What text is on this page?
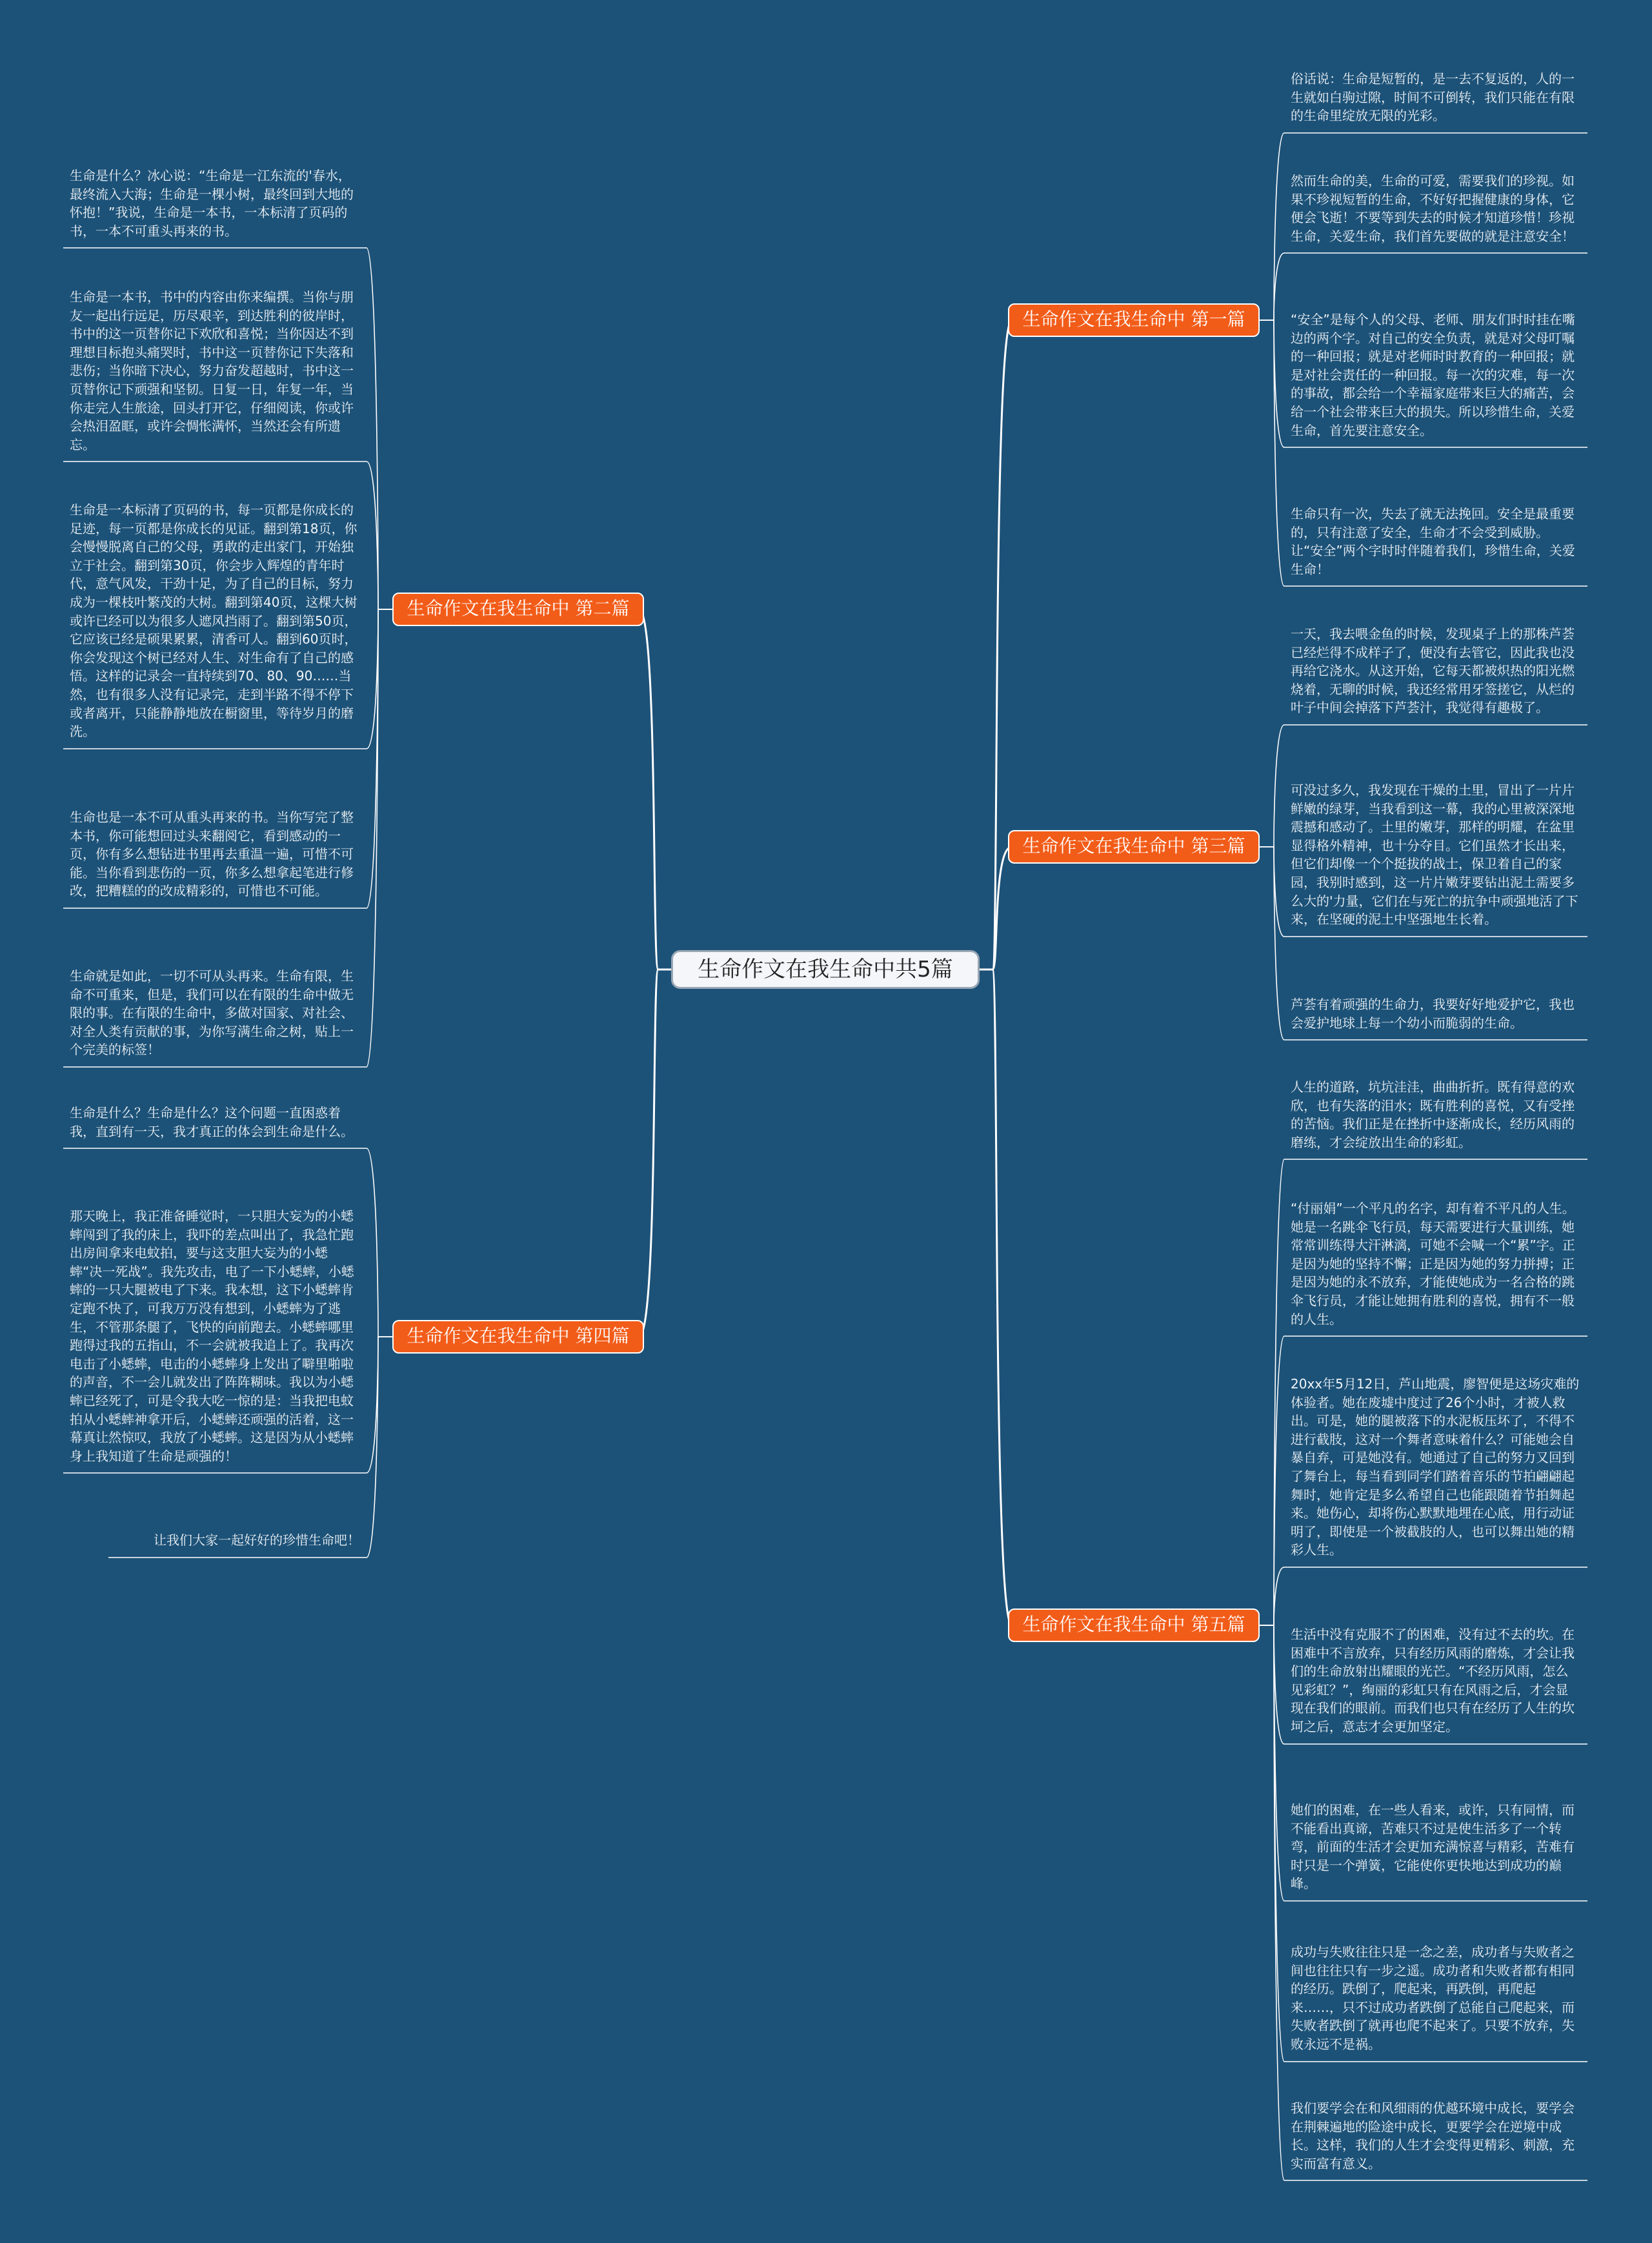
生命作文在我生命中共5篇
生命作文在我生命中 第一篇
俗话说：生命是短暂的，是一去不复返的，人的一生就如白驹过隙，时间不可倒转，我们只能在有限的生命里绽放无限的光彩。
然而生命的美，生命的可爱，需要我们的珍视。如果不珍视短暂的生命，不好好把握健康的身体，它便会飞逝！不要等到失去的时候才知道珍惜！珍视生命，关爱生命，我们首先要做的就是注意安全！
“安全”是每个人的父母、老师、朋友们时时挂在嘴边的两个字。对自己的安全负责，就是对父母叮嘱的一种回报；就是对老师时时教育的一种回报；就是对社会责任的一种回报。每一次的灾难，每一次的事故，都会给一个幸福家庭带来巨大的痛苦，会给一个社会带来巨大的损失。所以珍惜生命，关爱生命，首先要注意安全。
生命只有一次，失去了就无法挽回。安全是最重要的，只有注意了安全，生命才不会受到威胁。让“安全”两个字时时伴随着我们，珍惜生命，关爱生命！
生命作文在我生命中 第二篇
生命是什么？冰心说：“生命是一江东流的'春水，最终流入大海；生命是一棵小树，最终回到大地的怀抱！”我说，生命是一本书，一本标清了页码的书，一本不可重头再来的书。
生命是一本书，书中的内容由你来编撰。当你与朋友一起出行远足，历尽艰辛，到达胜利的彼岸时，书中的这一页替你记下欢欣和喜悦；当你因达不到理想目标抱头痛哭时，书中这一页替你记下失落和悲伤；当你暗下决心，努力奋发超越时，书中这一页替你记下顽强和坚韧。日复一日，年复一年，当你走完人生旅途，回头打开它，仔细阅读，你或许会热泪盈眶，或许会惆怅满怀，当然还会有所遗忘。
生命是一本标清了页码的书，每一页都是你成长的足迹，每一页都是你成长的见证。翻到第18页，你会慢慢脱离自己的父母，勇敢的走出家门，开始独立于社会。翻到第30页，你会步入辉煌的青年时代，意气风发，干劲十足，为了自己的目标，努力成为一棵枝叶繁茂的大树。翻到第40页，这棵大树或许已经可以为很多人遮风挡雨了。翻到第50页，它应该已经是硕果累累，清香可人。翻到60页时，你会发现这个树已经对人生、对生命有了自己的感悟。这样的记录会一直持续到70、80、90……当然，也有很多人没有记录完，走到半路不得不停下或者离开，只能静静地放在橱窗里，等待岁月的磨洗。
生命也是一本不可从重头再来的书。当你写完了整本书，你可能想回过头来翻阅它，看到感动的一页，你有多么想钻进书里再去重温一遍，可惜不可能。当你看到悲伤的一页，你多么想拿起笔进行修改，把糟糕的的改成精彩的，可惜也不可能。
生命就是如此，一切不可从头再来。生命有限，生命不可重来，但是，我们可以在有限的生命中做无限的事。在有限的生命中，多做对国家、对社会、对全人类有贡献的事，为你写满生命之树，贴上一个完美的标签！
生命作文在我生命中 第三篇
一天，我去喂金鱼的时候，发现桌子上的那株芦荟已经烂得不成样子了，便没有去管它，因此我也没再给它浇水。从这开始，它每天都被炽热的阳光燃烧着，无聊的时候，我还经常用牙签搓它，从烂的叶子中间会掉落下芦荟汁，我觉得有趣极了。
可没过多久，我发现在干燥的土里，冒出了一片片鲜嫩的绿芽，当我看到这一幕，我的心里被深深地震撼和感动了。土里的嫩芽，那样的明耀，在盆里显得格外精神，也十分夺目。它们虽然才长出来，但它们却像一个个挺拔的战士，保卫着自己的家园，我别时感到，这一片片嫩芽要钻出泥土需要多么大的'力量，它们在与死亡的抗争中顽强地活了下来，在坚硬的泥土中坚强地生长着。
芦荟有着顽强的生命力，我要好好地爱护它，我也会爱护地球上每一个幼小而脆弱的生命。
生命作文在我生命中 第四篇
生命是什么？生命是什么？这个问题一直困惑着我，直到有一天，我才真正的体会到生命是什么。
那天晚上，我正准备睡觉时，一只胆大妄为的小蟋蟀闯到了我的床上，我吓的差点叫出了，我急忙跑出房间拿来电蚊拍，要与这支胆大妄为的小蟋蟀“决一死战”。我先攻击，电了一下小蟋蟀，小蟋蟀的一只大腿被电了下来。我本想，这下小蟋蟀肯定跑不快了，可我万万没有想到，小蟋蟀为了逃生，不管那条腿了，飞快的向前跑去。小蟋蟀哪里跑得过我的五指山，不一会就被我追上了。我再次电击了小蟋蟀，电击的小蟋蟀身上发出了噼里啪啦的声音，不一会儿就发出了阵阵糊味。我以为小蟋蟀已经死了，可是令我大吃一惊的是：当我把电蚊拍从小蟋蟀神拿开后，小蟋蟀还顽强的活着，这一幕真让然惊叹，我放了小蟋蟀。这是因为从小蟋蟀身上我知道了生命是顽强的！
让我们大家一起好好的珍惜生命吧！
生命作文在我生命中 第五篇
人生的道路，坑坑洼洼，曲曲折折。既有得意的欢欣，也有失落的泪水；既有胜利的喜悦，又有受挫的苦恼。我们正是在挫折中逐渐成长，经历风雨的磨练，才会绽放出生命的彩虹。
“付丽娟”一个平凡的名字，却有着不平凡的人生。她是一名跳伞飞行员，每天需要进行大量训练，她常常训练得大汗淋漓，可她不会喊一个“累”字。正是因为她的坚持不懈；正是因为她的努力拼搏；正是因为她的永不放弃，才能使她成为一名合格的跳伞飞行员，才能让她拥有胜利的喜悦，拥有不一般的人生。
20xx年5月12日，芦山地震，廖智便是这场灾难的体验者。她在废墟中度过了26个小时，才被人救出。可是，她的腿被落下的水泥板压坏了，不得不进行截肢，这对一个舞者意味着什么？可能她会自暴自弃，可是她没有。她通过了自己的努力又回到了舞台上，每当看到同学们踏着音乐的节拍翩翩起舞时，她肯定是多么希望自己也能跟随着节拍舞起来。她伤心，却将伤心默默地埋在心底，用行动证明了，即使是一个被截肢的人，也可以舞出她的精彩人生。
生活中没有克服不了的困难，没有过不去的坎。在困难中不言放弃，只有经历风雨的磨炼，才会让我们的生命放射出耀眼的光芒。“不经历风雨，怎么见彩虹？”，绚丽的彩虹只有在风雨之后，才会显现在我们的眼前。而我们也只有在经历了人生的坎坷之后，意志才会更加坚定。
她们的困难，在一些人看来，或许，只有同情，而不能看出真谛，苦难只不过是使生活多了一个转弯，前面的生活才会更加充满惊喜与精彩，苦难有时只是一个弹簧，它能使你更快地达到成功的巅峰。
成功与失败往往只是一念之差，成功者与失败者之间也往往只有一步之遥。成功者和失败者都有相同的经历。跌倒了，爬起来，再跌倒，再爬起来……，只不过成功者跌倒了总能自己爬起来，而失败者跌倒了就再也爬不起来了。只要不放弃，失败永远不是祸。
我们要学会在和风细雨的优越环境中成长，要学会在荆棘遍地的险途中成长，更要学会在逆境中成长。这样，我们的人生才会变得更精彩、刺激，充实而富有意义。
